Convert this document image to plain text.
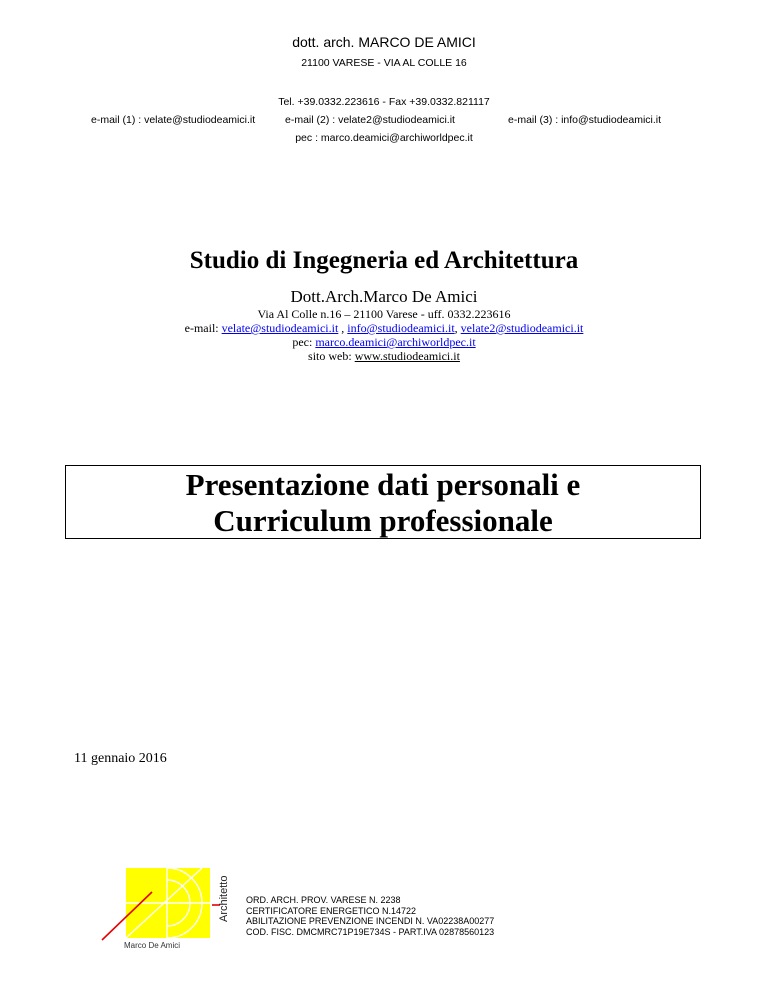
dott. arch. MARCO DE AMICI
21100 VARESE - VIA AL COLLE 16
Tel. +39.0332.223616 - Fax +39.0332.821117
e-mail (1) : velate@studiodeamici.it	e-mail (2) : velate2@studiodeamici.it	e-mail (3) : info@studiodeamici.it
pec : marco.deamici@archiworldpec.it
Studio di Ingegneria ed Architettura
Dott.Arch.Marco De Amici
Via Al Colle n.16 – 21100 Varese - uff. 0332.223616
e-mail: velate@studiodeamici.it , info@studiodeamici.it, velate2@studiodeamici.it
pec: marco.deamici@archiworldpec.it
sito web: www.studiodeamici.it
Presentazione dati personali e
Curriculum professionale
11 gennaio 2016
Architetto
Marco De Amici
ORD. ARCH. PROV. VARESE N. 2238
CERTIFICATORE ENERGETICO N.14722
ABILITAZIONE PREVENZIONE INCENDI N. VA02238A00277
COD. FISC. DMCMRC71P19E734S - PART.IVA 02878560123
